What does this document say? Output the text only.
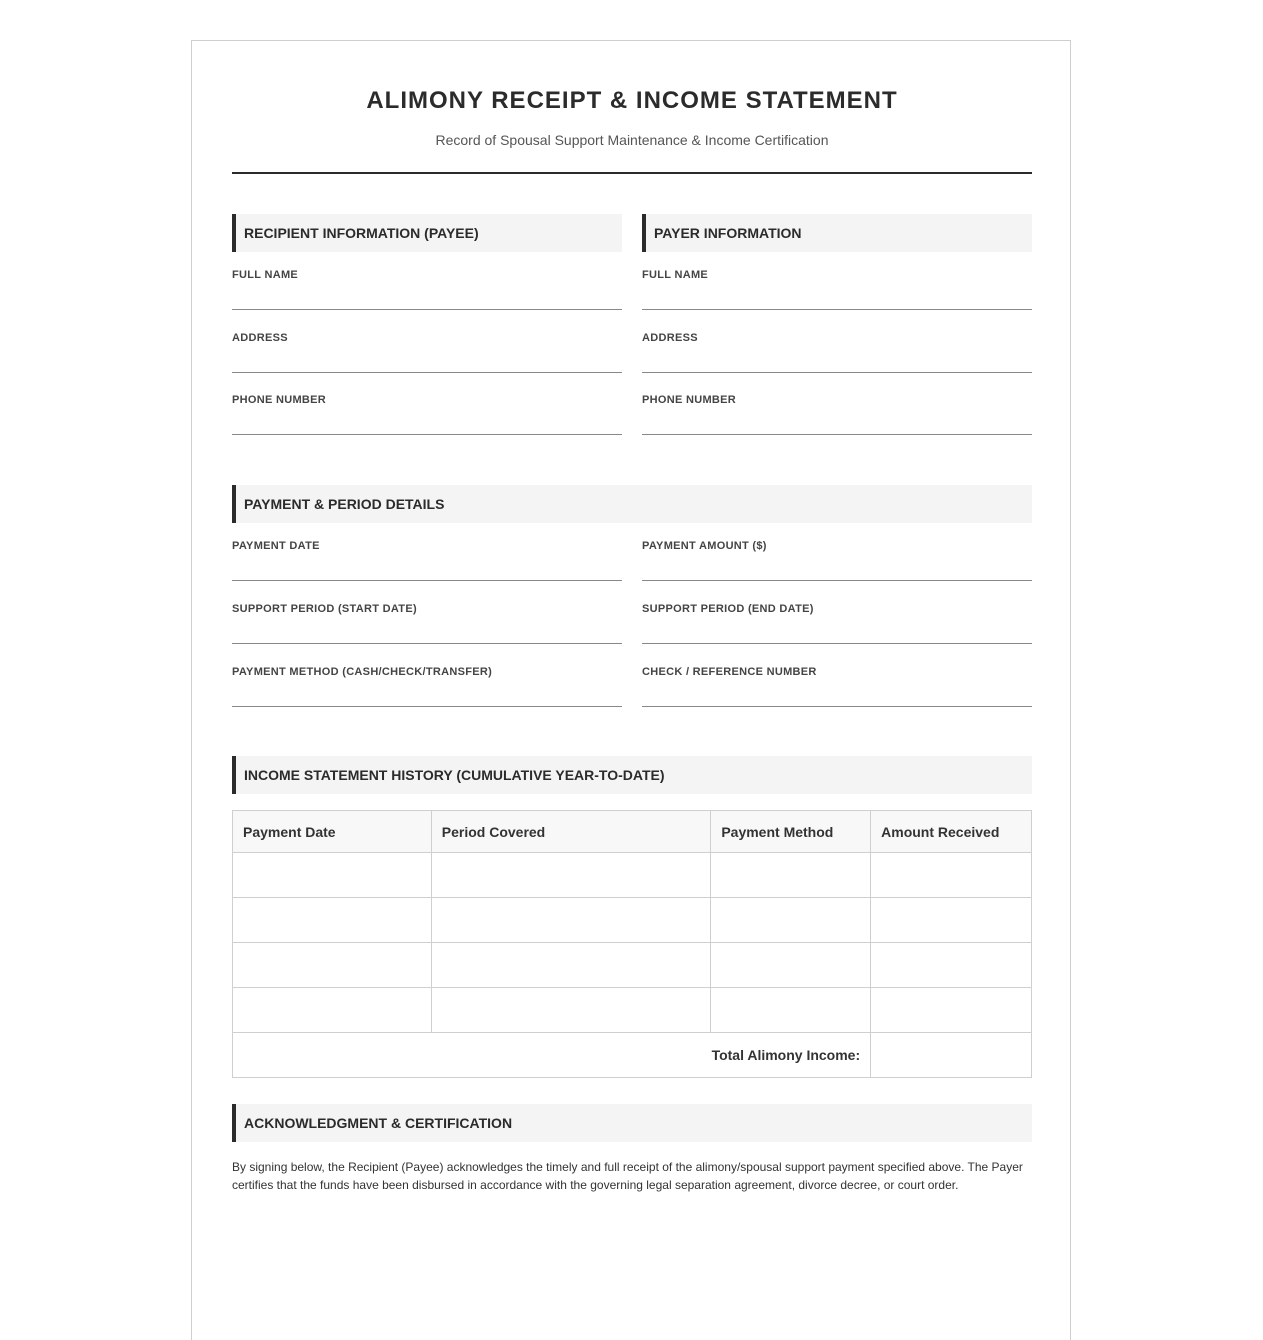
ALIMONY RECEIPT & INCOME STATEMENT
Record of Spousal Support Maintenance & Income Certification
RECIPIENT INFORMATION (PAYEE)
FULL NAME
ADDRESS
PHONE NUMBER
PAYER INFORMATION
FULL NAME
ADDRESS
PHONE NUMBER
PAYMENT & PERIOD DETAILS
PAYMENT DATE	PAYMENT AMOUNT ($)
SUPPORT PERIOD (START DATE)	SUPPORT PERIOD (END DATE)
PAYMENT METHOD (CASH/CHECK/TRANSFER)	CHECK / REFERENCE NUMBER
INCOME STATEMENT HISTORY (CUMULATIVE YEAR-TO-DATE)
Payment Date	Period Covered	Payment Method	Amount Received

Total Alimony Income:			
ACKNOWLEDGMENT & CERTIFICATION
By signing below, the Recipient (Payee) acknowledges the timely and full receipt of the alimony/spousal support payment specified above. The Payer certifies that the funds have been disbursed in accordance with the governing legal separation agreement, divorce decree, or court order.
